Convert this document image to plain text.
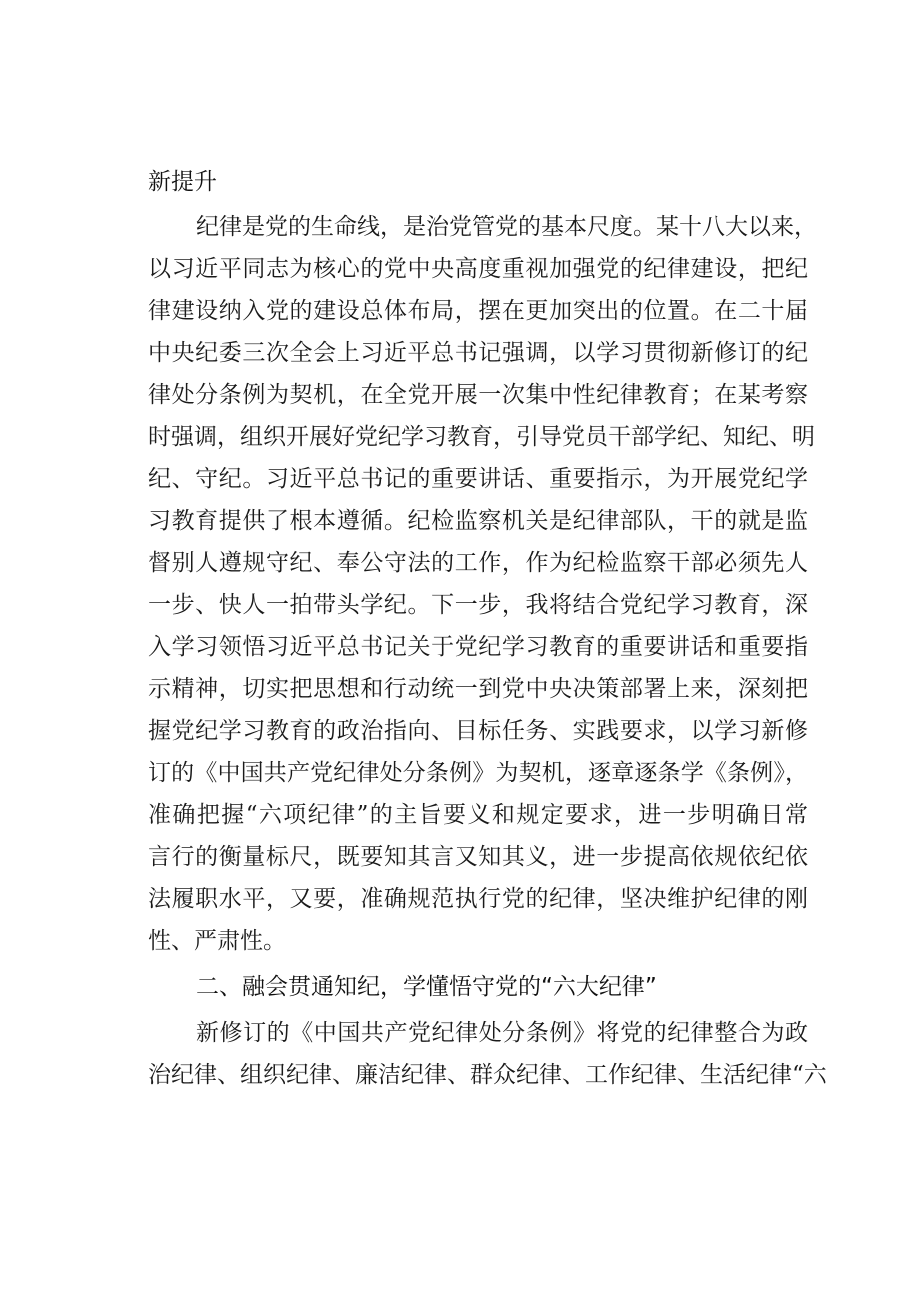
新提升

纪律是党的生命线，是治党管党的基本尺度。某十八大以来，

以习近平同志为核心的党中央高度重视加强党的纪律建设，把纪

律建设纳入党的建设总体布局，摆在更加突出的位置。在二十届

中央纪委三次全会上习近平总书记强调，以学习贯彻新修订的纪

律处分条例为契机，在全党开展一次集中性纪律教育；在某考察

时强调，组织开展好党纪学习教育，引导党员干部学纪、知纪、明

纪、守纪。习近平总书记的重要讲话、重要指示，为开展党纪学

习教育提供了根本遵循。纪检监察机关是纪律部队，干的就是监

督别人遵规守纪、奉公守法的工作，作为纪检监察干部必须先人

一步、快人一拍带头学纪。下一步，我将结合党纪学习教育，深

入学习领悟习近平总书记关于党纪学习教育的重要讲话和重要指

示精神，切实把思想和行动统一到党中央决策部署上来，深刻把

握党纪学习教育的政治指向、目标任务、实践要求，以学习新修

订的《中国共产党纪律处分条例》为契机，逐章逐条学《条例》，

准确把握“六项纪律”的主旨要义和规定要求，进一步明确日常

言行的衡量标尺，既要知其言又知其义，进一步提高依规依纪依

法履职水平，又要，准确规范执行党的纪律，坚决维护纪律的刚

性、严肃性。

二、融会贯通知纪，学懂悟守党的“六大纪律”

新修订的《中国共产党纪律处分条例》将党的纪律整合为政

治纪律、组织纪律、廉洁纪律、群众纪律、工作纪律、生活纪律“六
